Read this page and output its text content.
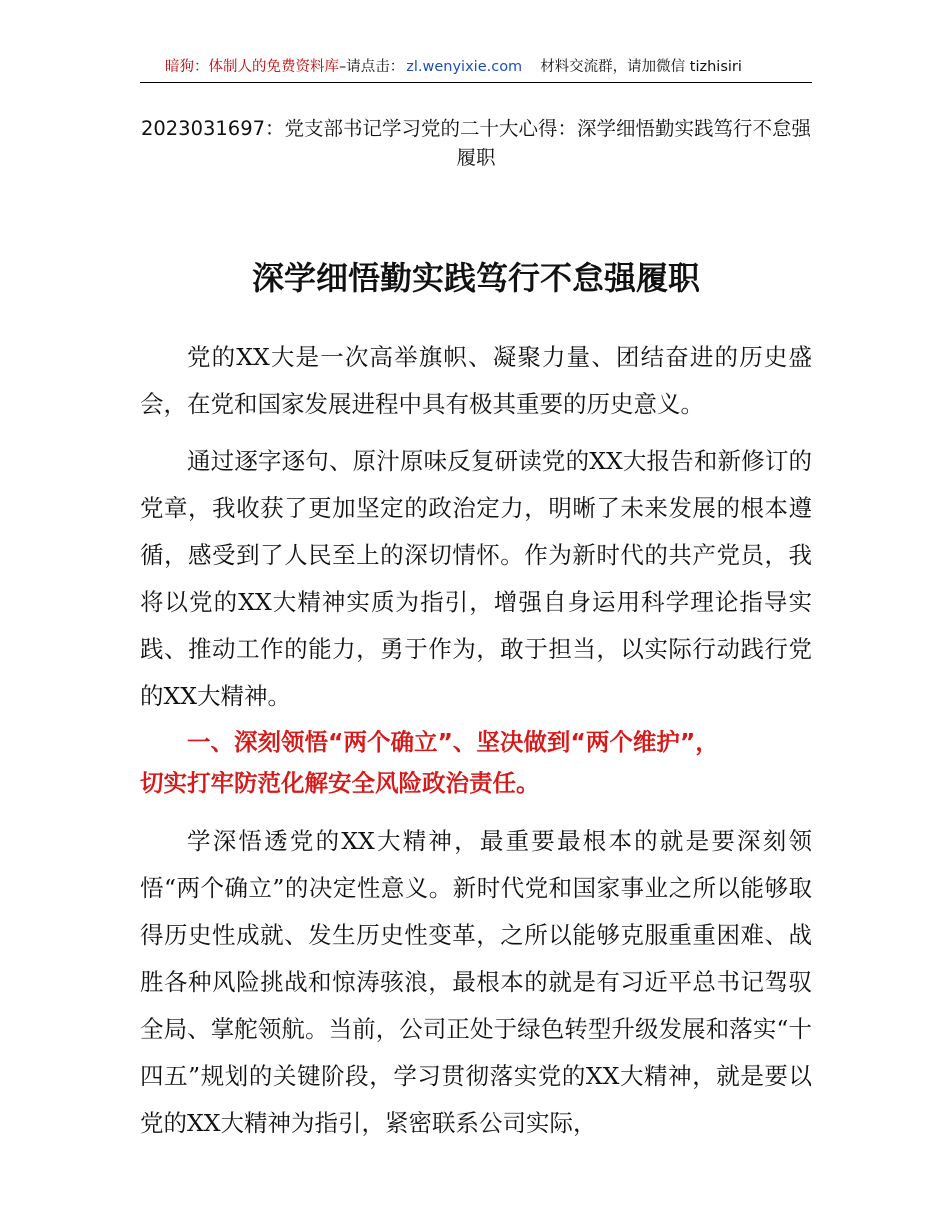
暗狗：体制人的免费资料库–请点击： zl.wenyixie.com 材料交流群，请加微信 tizhisiri
2023031697：党支部书记学习党的二十大心得：深学细悟勤实践笃行不怠强履职
深学细悟勤实践笃行不怠强履职

党的XX大是一次高举旗帜、凝聚力量、团结奋进的历史盛会，在党和国家发展进程中具有极其重要的历史意义。

通过逐字逐句、原汁原味反复研读党的XX大报告和新修订的党章，我收获了更加坚定的政治定力，明晰了未来发展的根本遵循，感受到了人民至上的深切情怀。作为新时代的共产党员，我将以党的XX大精神实质为指引，增强自身运用科学理论指导实践、推动工作的能力，勇于作为，敢于担当，以实际行动践行党的XX大精神。

一、深刻领悟“两个确立”、坚决做到“两个维护”，

切实打牢防范化解安全风险政治责任。

学深悟透党的XX大精神，最重要最根本的就是要深刻领悟“两个确立”的决定性意义。新时代党和国家事业之所以能够取得历史性成就、发生历史性变革，之所以能够克服重重困难、战胜各种风险挑战和惊涛骇浪，最根本的就是有习近平总书记驾驭全局、掌舵领航。当前，公司正处于绿色转型升级发展和落实“十四五”规划的关键阶段，学习贯彻落实党的XX大精神，就是要以党的XX大精神为指引，紧密联系公司实际，
